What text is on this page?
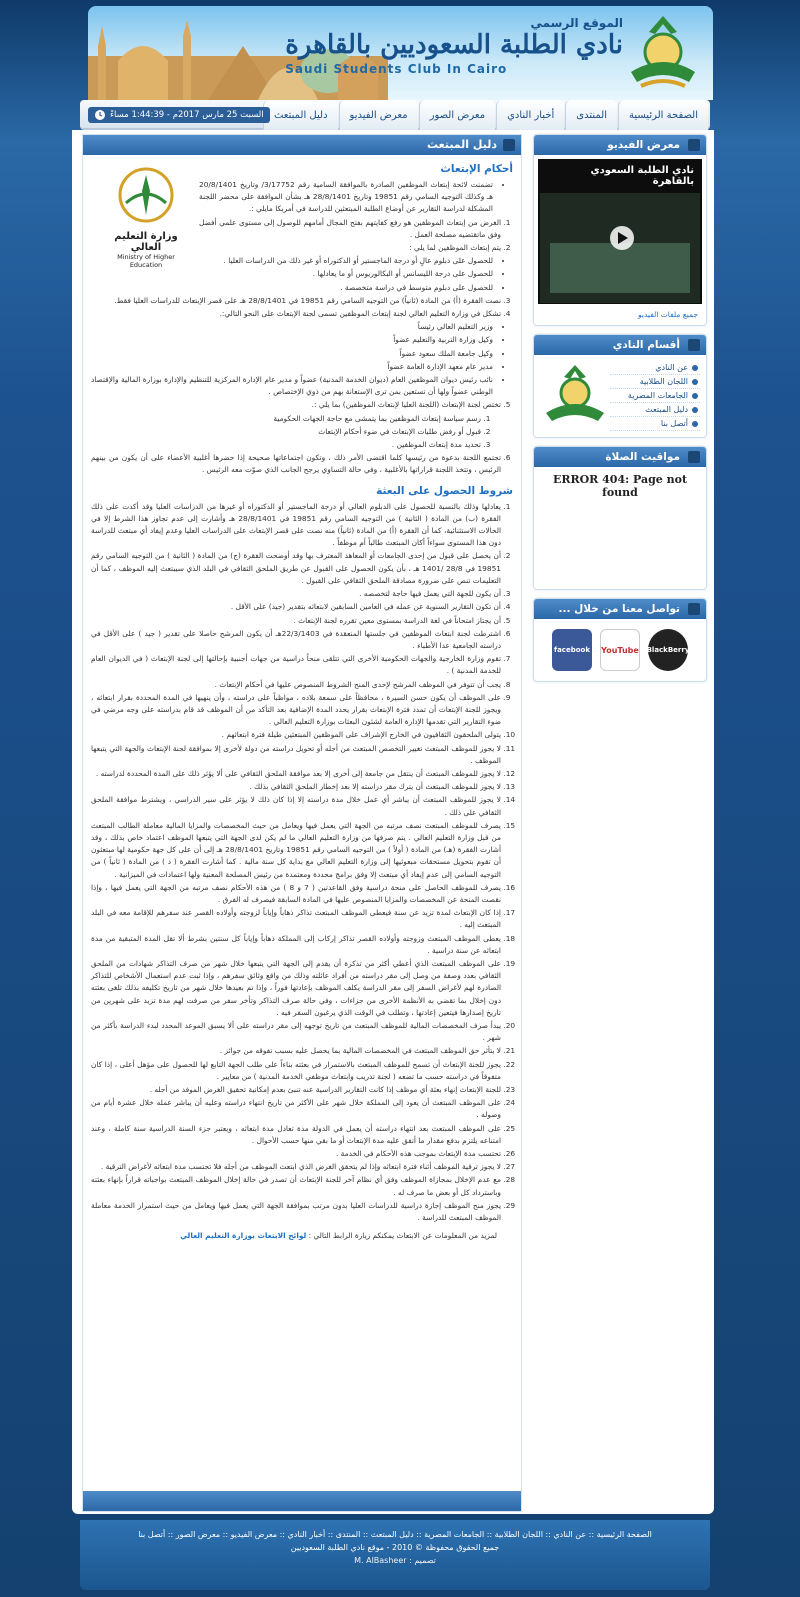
الموقع الرسمي
نادي الطلبة السعوديين بالقاهرة
Saudi Students Club In Cairo
الصفحة الرئيسية
المنتدى
أخبار النادي
معرض الصور
معرض الفيديو
دليل المبتعث
السبت 25 مارس 2017م - 1:44:39 مساءً
دليل المبتعث
وزارة التعليم العالي
Ministry of Higher Education
أحكام الإبتعاث
• تضمنت لائحة إبتعاث الموظفين الصادرة بالموافقة السامية رقم 3/17752/ وتاريخ 20/8/1401 هـ وكذلك التوجيه السامي رقم 19851 وتاريخ 28/8/1401 هـ بشأن الموافقة على محضر اللجنة المشكلة لدراسة التقارير عن أوضاع الطلبة المبتعثين للدراسة في أمريكا مايلي :.
1. الغرض من إبتعاث الموظفين هو رفع كفايتهم بفتح المجال أمامهم للوصول إلى مستوى علمي أفضل وفق ماتقتضيه مصلحة العمل .
2. يتم إبتعاث الموظفين لما يلي :
• للحصول على دبلوم عالٍ أو درجة الماجستير أو الدكتوراه أو غير ذلك من الدراسات العليا .
• للحصول على درجة الليسانس أو البكالوريوس أو ما يعادلها .
• للحصول على دبلوم متوسط في دراسة متخصصة .
3. نصت الفقرة (أ) من المادة (ثانياً) من التوجيه السامي رقم 19851 في 28/8/1401 هـ على قصر الإبتعاث للدراسات العليا فقط.
4. تشكل في وزارة التعليم العالي لجنة إبتعاث الموظفين تسمى لجنة الإبتعاث على النحو التالي:.
• وزير التعليم العالي رئيساً
• وكيل وزارة التربية والتعليم عضواً
• وكيل جامعة الملك سعود عضواً
• مدير عام معهد الإدارة العامة عضواً
• نائب رئيس ديوان الموظفين العام (ديوان الخدمة المدنية) عضواً و مدير عام الإدارة المركزية للتنظيم والإدارة بوزارة المالية والإقتصاد الوطني عضواً ولها أن تستعين بمن ترى الإستعانة بهم من ذوي الإختصاص .
5. تختص لجنة الإبتعاث (اللجنة العليا لإبتعاث الموظفين) بما يلي :.
1. رسم سياسة إبتعاث الموظفين بما يتمشى مع حاجة الجهات الحكومية
2. قبول أو رفض طلبات الإبتعاث في ضوء أحكام الإبتعاث
3. تحديد مدة إبتعاث الموظفين .
6. تجتمع اللجنة بدعوة من رئيسها كلما اقتضى الأمر ذلك ، وتكون اجتماعاتها صحيحة إذا حضرها أغلبية الأعضاء على أن يكون من بينهم الرئيس ، وتتخذ اللجنة قراراتها بالأغلبية ، وفي حالة التساوي يرجح الجانب الذي صوّت معه الرئيس .
شروط الحصول على البعثة
1. يعادلها وذلك بالنسبة للحصول على الدبلوم العالي أو درجة الماجستير أو الدكتوراه أو غيرها من الدراسات العليا وقد أكدت على ذلك الفقرة (ب) من المادة ( الثانية ) من التوجيه السامي رقم 19851 في 28/8/1401 هـ وأشارت إلى عدم تجاوز هذا الشرط إلا في الحالات الاستثنائية، كما أن الفقرة (أ) من المادة (ثانياً) منه نصت على قصر الإبتعاث على الدراسات العليا وعدم إيفاد أي مبتعث للدراسة دون هذا المستوى سواءاً أكان المبتعث طالباً أم موظفاً .
2. أن يحصل على قبول من إحدى الجامعات أو المعاهد المعترف بها وقد أوضحت الفقرة (ج) من المادة ( الثانية ) من التوجيه السامي رقم 19851 في 28/8 /1401 هـ ، بأن يكون الحصول على القبول عن طريق الملحق الثقافي في البلد الذي سيبتعث إليه الموظف ، كما أن التعليمات تنص على ضرورة مصادقة الملحق الثقافي على القبول .
3. أن يكون للجهة التي يعمل فيها حاجة لتخصصه .
4. أن تكون التقارير السنوية عن عمله في العامين السابقين لابتعاثه بتقدير (جيد) على الأقل .
5. أن يجتاز امتحاناً في لغة الدراسة بمستوى معين تقرره لجنة الإبتعاث .
6. اشترطت لجنة ابتعاث الموظفين في جلستها المنعقدة في 22/3/1403هـ أن يكون المرشح حاصلا على تقدير ( جيد ) على الأقل في دراسته الجامعية عدا الأطباء .
7. تقوم وزارة الخارجية والجهات الحكومية الأخرى التي تتلقى منحاً دراسية من جهات أجنبية بإحالتها إلى لجنة الإبتعاث ( في الديوان العام للخدمة المدنية ) .
8. يجب أن تتوفر في الموظف المرشح لإحدى المنح الشروط المنصوص عليها في أحكام الإبتعاث .
9. على الموظف أن يكون حسن السيرة ، محافظاً على سمعة بلاده ، مواظباً على دراسته ، وأن ينهيها في المدة المحددة بقرار ابتعاثه ، ويجوز للجنة الإبتعاث أن تمدد فترة الإبتعاث بقرار يحدد المدة الإضافية بعد التأكد من أن الموظف قد قام بدراسته على وجه مرضي في ضوء التقارير التي تقدمها الإدارة العامة لشئون البعثات بوزارة التعليم العالي .
10. يتولى الملحقون الثقافيون في الخارج الإشراف على الموظفين المبتعثين طيلة فترة ابتعاثهم .
11. لا يجوز للموظف المبتعث تغيير التخصص المبتعث من أجله أو تحويل دراسته من دولة لأخرى إلا بموافقة لجنة الإبتعاث والجهة التي يتبعها الموظف .
12. لا يجوز للموظف المبتعث أن ينتقل من جامعة إلى أخرى إلا بعد موافقة الملحق الثقافي على ألا يؤثر ذلك على المدة المحددة لدراسته .
13. لا يجوز للموظف المبتعث أن يترك مقر دراسته إلا بعد إخطار الملحق الثقافي بذلك .
14. لا يجوز للموظف المبتعث أن يباشر أي عمل خلال مدة دراسته إلا إذا كان ذلك لا يؤثر على سير الدراسي ، ويشترط موافقة الملحق الثقافي على ذلك .
15. يصرف للموظف المبتعث نصف مرتبه من الجهة التي يعمل فيها ويعامل من حيث المخصصات والمزايا المالية معاملة الطالب المبتعث من قبل وزارة التعليم العالي . يتم صرفها من وزارة التعليم العالي ما لم يكن لدى الجهة التي يتبعها الموظف اعتماد خاص بذلك ، وقد أشارت الفقرة (هـ) من المادة ( أولاً ) من التوجيه السامي رقم 19851 وتاريخ 28/8/1401 هـ إلى أن على كل جهة حكومية لها مبتعثون أن تقوم بتحويل مستحقات مبعوثيها إلى وزارة التعليم العالي مع بداية كل سنة مالية . كما أشارت الفقرة ( د ) من المادة ( ثانياً ) من التوجيه السامي إلى عدم إيفاد أي مبتعث إلا وفق برامج محددة ومعتمدة من رئيس المصلحة المعنية ولها اعتمادات في الميزانية .
16. يصرف للموظف الحاصل على منحة دراسية وفق القاعدتين ( 7 و 8 ) من هذه الأحكام نصف مرتبه من الجهة التي يعمل فيها ، وإذا نقصت المنحة عن المخصصات والمزايا المنصوص عليها في المادة السابقة فيصرف له الفرق .
17. إذا كان الإبتعاث لمدة تزيد عن سنة فيعطى الموظف المبتعث تذاكر ذهاباً وإياباً لزوجته وأولاده القصر عند سفرهم للإقامة معه في البلد المبتعث إليه .
18. يعطى الموظف المبتعث وزوجته وأولاده القصر تذاكر إركاب إلى المملكة ذهاباً وإياباً كل سنتين بشرط ألا تقل المدة المتبقية من مدة ابتعاثه عن سنة دراسية .
19. على الموظف المبتعث الذي أعطي أكثر من تذكرة أن يقدم إلى الجهة التي يتبعها خلال شهر من صرف التذاكر شهادات من الملحق الثقافي بعدد وصفة من وصل إلى مقر دراسته من أفراد عائلته وذلك من واقع وثائق سفرهم ، وإذا ثبت عدم استعمال الأشخاص للتذاكر الصادرة لهم لأغراض السفر إلى مقر الدراسة يكلف الموظف بإعادتها فوراً ، وإذا تم بعيدها خلال شهر من تاريخ تكليفه بذلك تلغى بعثته دون إخلال بما تقضي به الأنظمة الأخرى من جزاءات ، وفي حالة صرف التذاكر وتأخر سفر من صرفت لهم مدة تزيد على شهرين من تاريخ إصدارها فيتعين إعادتها ، وتطلب في الوقت الذي يرغبون السفر فيه .
20. يبدأ صرف المخصصات المالية للموظف المبتعث من تاريخ توجهه إلى مقر دراسته على ألا يسبق الموعد المحدد لبدء الدراسة بأكثر من شهر .
21. لا يتأثر حق الموظف المبتعث في المخصصات المالية بما يحصل عليه بسبب تفوقه من جوائز .
22. يجوز للجنة الإبتعاث أن تسمح للموظف المبتعث بالاستمرار في بعثته بناءاً على طلب الجهة التابع لها للحصول على مؤهل أعلى ، إذا كان متفوقاً في دراسته حسب ما تضعه ( لجنة تدريب وابتعاث موظفي الخدمة المدنية ) من معايير .
23. للجنة الإبتعاث إنهاء بعثة أي موظف إذا كانت التقارير الدراسية عنه تنبئ بعدم إمكانية تحقيق الغرض الموفد من أجله .
24. على الموظف المبتعث أن يعود إلى المملكة خلال شهر على الأكثر من تاريخ انتهاء دراسته وعليه أن يباشر عمله خلال عشرة أيام من وصوله .
25. على الموظف المبتعث بعد انتهاء دراسته أن يعمل في الدولة مدة تعادل مدة ابتعاثه ، ويعتبر جزء السنة الدراسية سنة كاملة ، وعند امتناعه يلتزم بدفع مقدار ما أنفق عليه مدة الإبتعاث أو ما بقي منها حسب الأحوال .
26. تحتسب مدة الإبتعاث بموجب هذه الأحكام في الخدمة .
27. لا يجوز ترقية الموظف أثناء فترة ابتعاثه وإذا لم يتحقق الغرض الذي ابتعث الموظف من أجله فلا تحتسب مدة ابتعاثه لأغراض الترقية .
28. مع عدم الإخلال بمجازاة الموظف وفق أي نظام آخر للجنة الإبتعاث أن تصدر في حالة إخلال الموظف المبتعث بواجباته قراراً بإنهاء بعثته وباسترداد كل أو بعض ما صرف له .
29. يجوز منح الموظف إجازة دراسية للدراسات العليا بدون مرتب بموافقة الجهة التي يعمل فيها ويعامل من حيث استمرار الخدمة معاملة الموظف المبتعث للدراسة .
لمزيد من المعلومات عن الابتعاث يمكنكم زيارة الرابط التالي : لوائح الابتعاث بوزارة التعليم العالي
معرض الفيديو
نادي الطلبة السعودي بالقاهرة
جميع ملفات الفيديو
أقسام النادي
عن النادي
اللجان الطلابية
الجامعات المصرية
دليل المبتعث
أتصل بنا
مواقيت الصلاة
ERROR 404: Page not found
تواصل معنا من خلال ...
BlackBerry
YouTube
facebook
الصفحة الرئيسية :: عن النادي :: اللجان الطلابية :: الجامعات المصرية :: دليل المبتعث :: المنتدى :: أخبار النادي :: معرض الفيديو :: معرض الصور :: أتصل بنا
جميع الحقوق محفوظة © 2010 - موقع نادي الطلبة السعوديين
تصميم : M. AlBasheer
